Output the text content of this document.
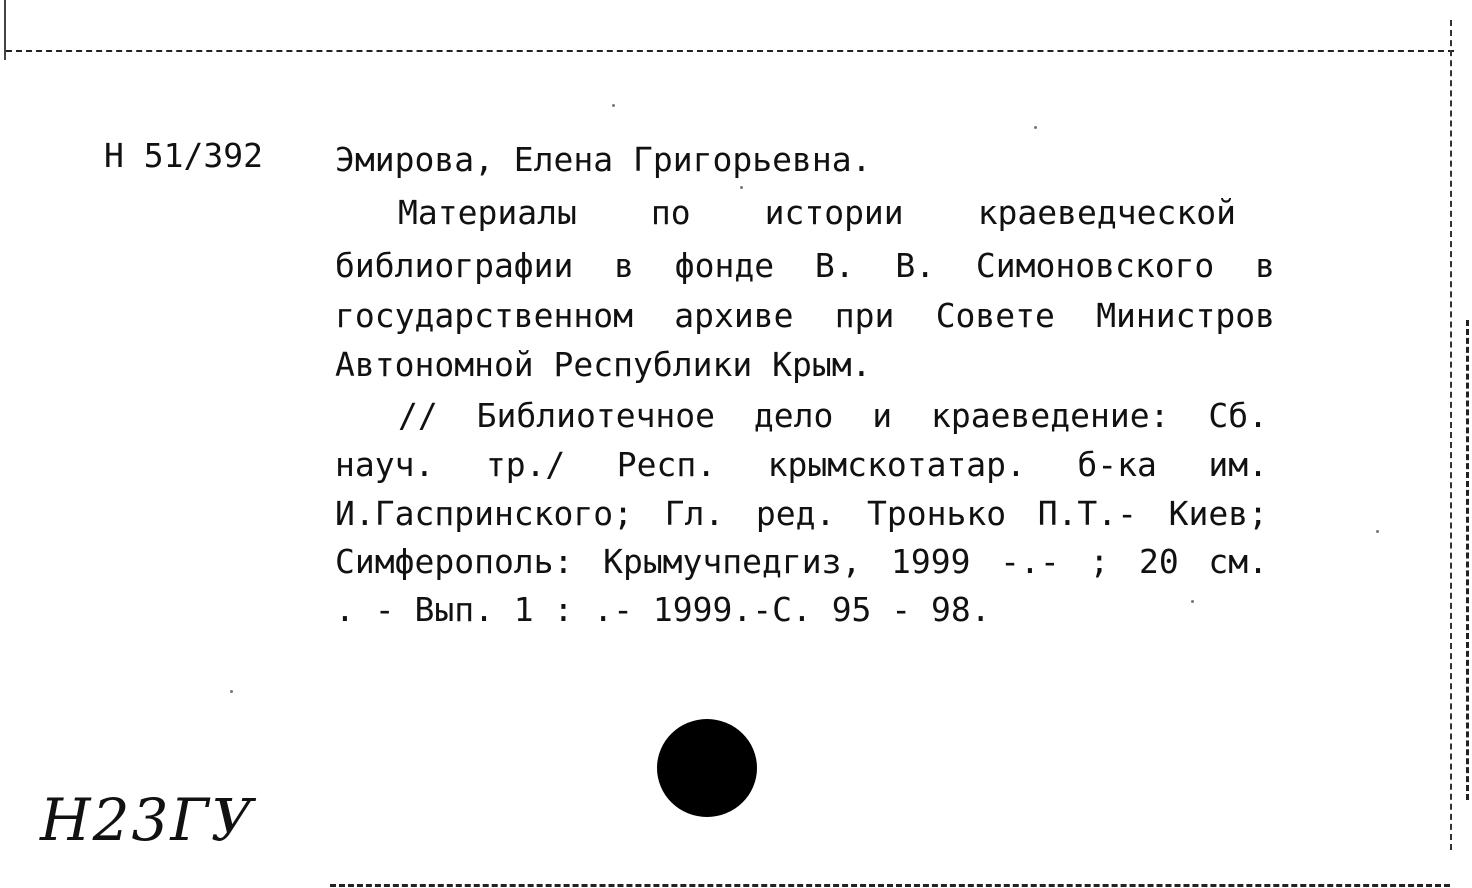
Н 51/392 Эмирова, Елена Григорьевна.
Материалы по истории краеведческой
библиографии в фонде В. В. Симоновского в
государственном архиве при Совете Министров
Автономной Республики Крым.
// Библиотечное дело и краеведение: Сб.
науч. тр./ Респ. крымскотатар. б-ка им.
И.Гаспринского; Гл. ред. Тронько П.Т.- Киев;
Симферополь: Крымучпедгиз, 1999 -.- ; 20 см.
. - Вып. 1 : .- 1999.-С. 95 - 98.
Н23ГУ
